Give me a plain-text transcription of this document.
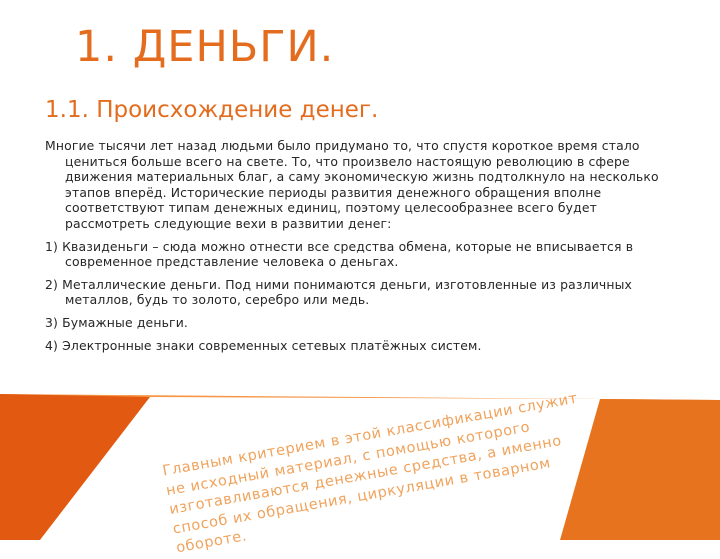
1. ДЕНЬГИ.
1.1. Происхождение денег.

Многие тысячи лет назад людьми было придумано то, что спустя короткое время стало цениться больше всего на свете. То, что произвело настоящую революцию в сфере движения материальных благ, а саму экономическую жизнь подтолкнуло на несколько этапов вперёд. Исторические периоды развития денежного обращения вполне соответствуют типам денежных единиц, поэтому целесообразнее всего будет рассмотреть следующие вехи в развитии денег:

1) Квазиденьги – сюда можно отнести все средства обмена, которые не вписывается в современное представление человека о деньгах.

2) Металлические деньги. Под ними понимаются деньги, изготовленные из различных металлов, будь то золото, серебро или медь.

3) Бумажные деньги.

4) Электронные знаки современных сетевых платёжных систем.

Главным критерием в этой классификации служит не исходный материал, с помощью которого изготавливаются денежные средства, а именно способ их обращения, циркуляции в товарном обороте.
